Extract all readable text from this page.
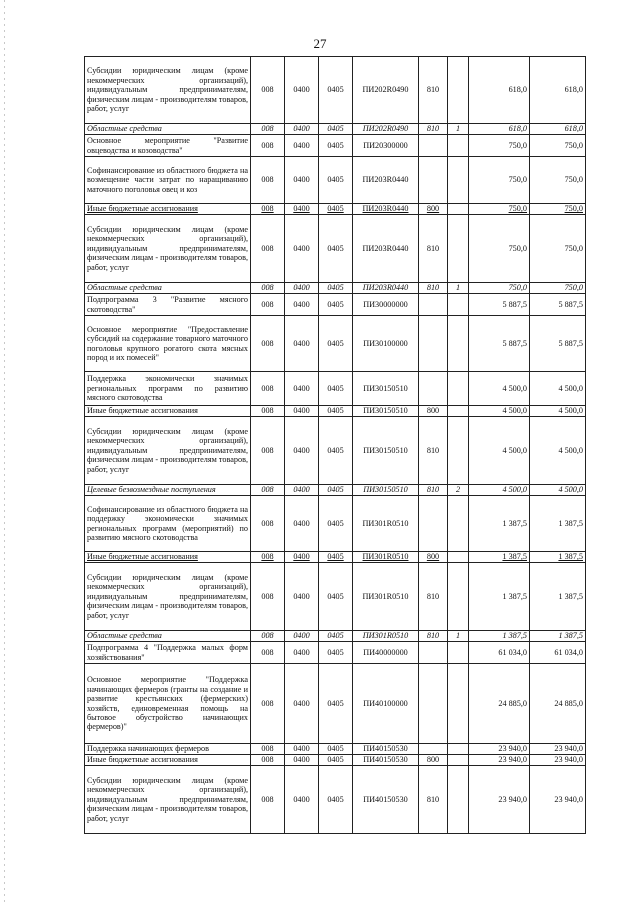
27
Субсидии юридическим лицам (кроме некоммерческих организаций), индивидуальным предпринимателям, физическим лицам - производителям товаров, работ, услуг	008	0400	0405	ПИ202R0490	810		618,0	618,0
Областные средства	008	0400	0405	ПИ202R0490	810	1	618,0	618,0
Основное мероприятие "Развитие овцеводства и козоводства"	008	0400	0405	ПИ20300000			750,0	750,0
Софинансирование из областного бюджета на возмещение части затрат по наращиванию маточного поголовья овец и коз	008	0400	0405	ПИ203R0440			750,0	750,0
Иные бюджетные ассигнования	008	0400	0405	ПИ203R0440	800		750,0	750,0
Субсидии юридическим лицам (кроме некоммерческих организаций), индивидуальным предпринимателям, физическим лицам - производителям товаров, работ, услуг	008	0400	0405	ПИ203R0440	810		750,0	750,0
Областные средства	008	0400	0405	ПИ203R0440	810	1	750,0	750,0
Подпрограмма 3 "Развитие мясного скотоводства"	008	0400	0405	ПИ30000000			5 887,5	5 887,5
Основное мероприятие "Предоставление субсидий на содержание товарного маточного поголовья крупного рогатого скота мясных пород и их помесей"	008	0400	0405	ПИ30100000			5 887,5	5 887,5
Поддержка экономически значимых региональных программ по развитию мясного скотоводства	008	0400	0405	ПИ30150510			4 500,0	4 500,0
Иные бюджетные ассигнования	008	0400	0405	ПИ30150510	800		4 500,0	4 500,0
Субсидии юридическим лицам (кроме некоммерческих организаций), индивидуальным предпринимателям, физическим лицам - производителям товаров, работ, услуг	008	0400	0405	ПИ30150510	810		4 500,0	4 500,0
Целевые безвозмездные поступления	008	0400	0405	ПИ30150510	810	2	4 500,0	4 500,0
Софинансирование из областного бюджета на поддержку экономически значимых региональных программ (мероприятий) по развитию мясного скотоводства	008	0400	0405	ПИ301R0510			1 387,5	1 387,5
Иные бюджетные ассигнования	008	0400	0405	ПИ301R0510	800		1 387,5	1 387,5
Субсидии юридическим лицам (кроме некоммерческих организаций), индивидуальным предпринимателям, физическим лицам - производителям товаров, работ, услуг	008	0400	0405	ПИ301R0510	810		1 387,5	1 387,5
Областные средства	008	0400	0405	ПИ301R0510	810	1	1 387,5	1 387,5
Подпрограмма 4 "Поддержка малых форм хозяйствования"	008	0400	0405	ПИ40000000			61 034,0	61 034,0
Основное мероприятие "Поддержка начинающих фермеров (гранты на создание и развитие крестьянских (фермерских) хозяйств, единовременная помощь на бытовое обустройство начинающих фермеров)"	008	0400	0405	ПИ40100000			24 885,0	24 885,0
Поддержка начинающих фермеров	008	0400	0405	ПИ40150530			23 940,0	23 940,0
Иные бюджетные ассигнования	008	0400	0405	ПИ40150530	800		23 940,0	23 940,0
Субсидии юридическим лицам (кроме некоммерческих организаций), индивидуальным предпринимателям, физическим лицам - производителям товаров, работ, услуг	008	0400	0405	ПИ40150530	810		23 940,0	23 940,0
